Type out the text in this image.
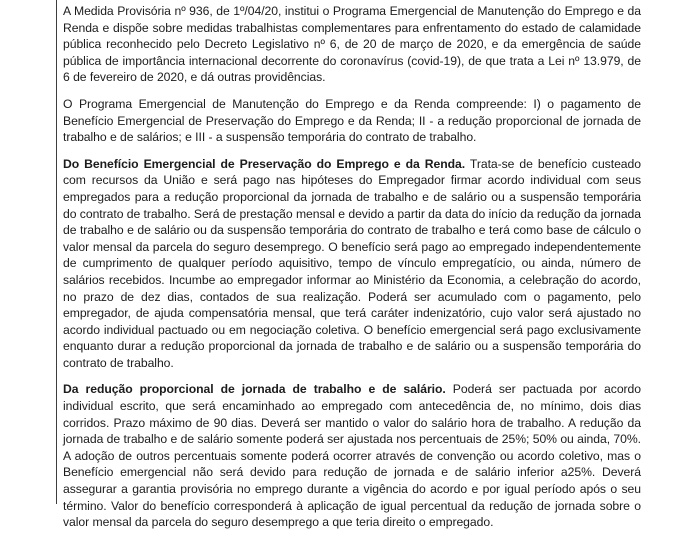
A Medida Provisória nº 936, de 1º/04/20, institui o Programa Emergencial de Manutenção do Emprego e da Renda e dispõe sobre medidas trabalhistas complementares para enfrentamento do estado de calamidade pública reconhecido pelo Decreto Legislativo nº 6, de 20 de março de 2020, e da emergência de saúde pública de importância internacional decorrente do coronavírus (covid-19), de que trata a Lei nº 13.979, de 6 de fevereiro de 2020, e dá outras providências.

O Programa Emergencial de Manutenção do Emprego e da Renda compreende: I) o pagamento de Benefício Emergencial de Preservação do Emprego e da Renda; II - a redução proporcional de jornada de trabalho e de salários; e III - a suspensão temporária do contrato de trabalho.

Do Benefício Emergencial de Preservação do Emprego e da Renda. Trata-se de benefício custeado com recursos da União e será pago nas hipóteses do Empregador firmar acordo individual com seus empregados para a redução proporcional da jornada de trabalho e de salário ou a suspensão temporária do contrato de trabalho. Será de prestação mensal e devido a partir da data do início da redução da jornada de trabalho e de salário ou da suspensão temporária do contrato de trabalho e terá como base de cálculo o valor mensal da parcela do seguro desemprego. O benefício será pago ao empregado independentemente de cumprimento de qualquer período aquisitivo, tempo de vínculo empregatício, ou ainda, número de salários recebidos. Incumbe ao empregador informar ao Ministério da Economia, a celebração do acordo, no prazo de dez dias, contados de sua realização. Poderá ser acumulado com o pagamento, pelo empregador, de ajuda compensatória mensal, que terá caráter indenizatório, cujo valor será ajustado no acordo individual pactuado ou em negociação coletiva. O benefício emergencial será pago exclusivamente enquanto durar a redução proporcional da jornada de trabalho e de salário ou a suspensão temporária do contrato de trabalho.

Da redução proporcional de jornada de trabalho e de salário. Poderá ser pactuada por acordo individual escrito, que será encaminhado ao empregado com antecedência de, no mínimo, dois dias corridos. Prazo máximo de 90 dias. Deverá ser mantido o valor do salário hora de trabalho. A redução da jornada de trabalho e de salário somente poderá ser ajustada nos percentuais de 25%; 50% ou ainda, 70%. A adoção de outros percentuais somente poderá ocorrer através de convenção ou acordo coletivo, mas o Benefício emergencial não será devido para redução de jornada e de salário inferior a25%. Deverá assegurar a garantia provisória no emprego durante a vigência do acordo e por igual período após o seu término. Valor do benefício corresponderá à aplicação de igual percentual da redução de jornada sobre o valor mensal da parcela do seguro desemprego a que teria direito o empregado.
